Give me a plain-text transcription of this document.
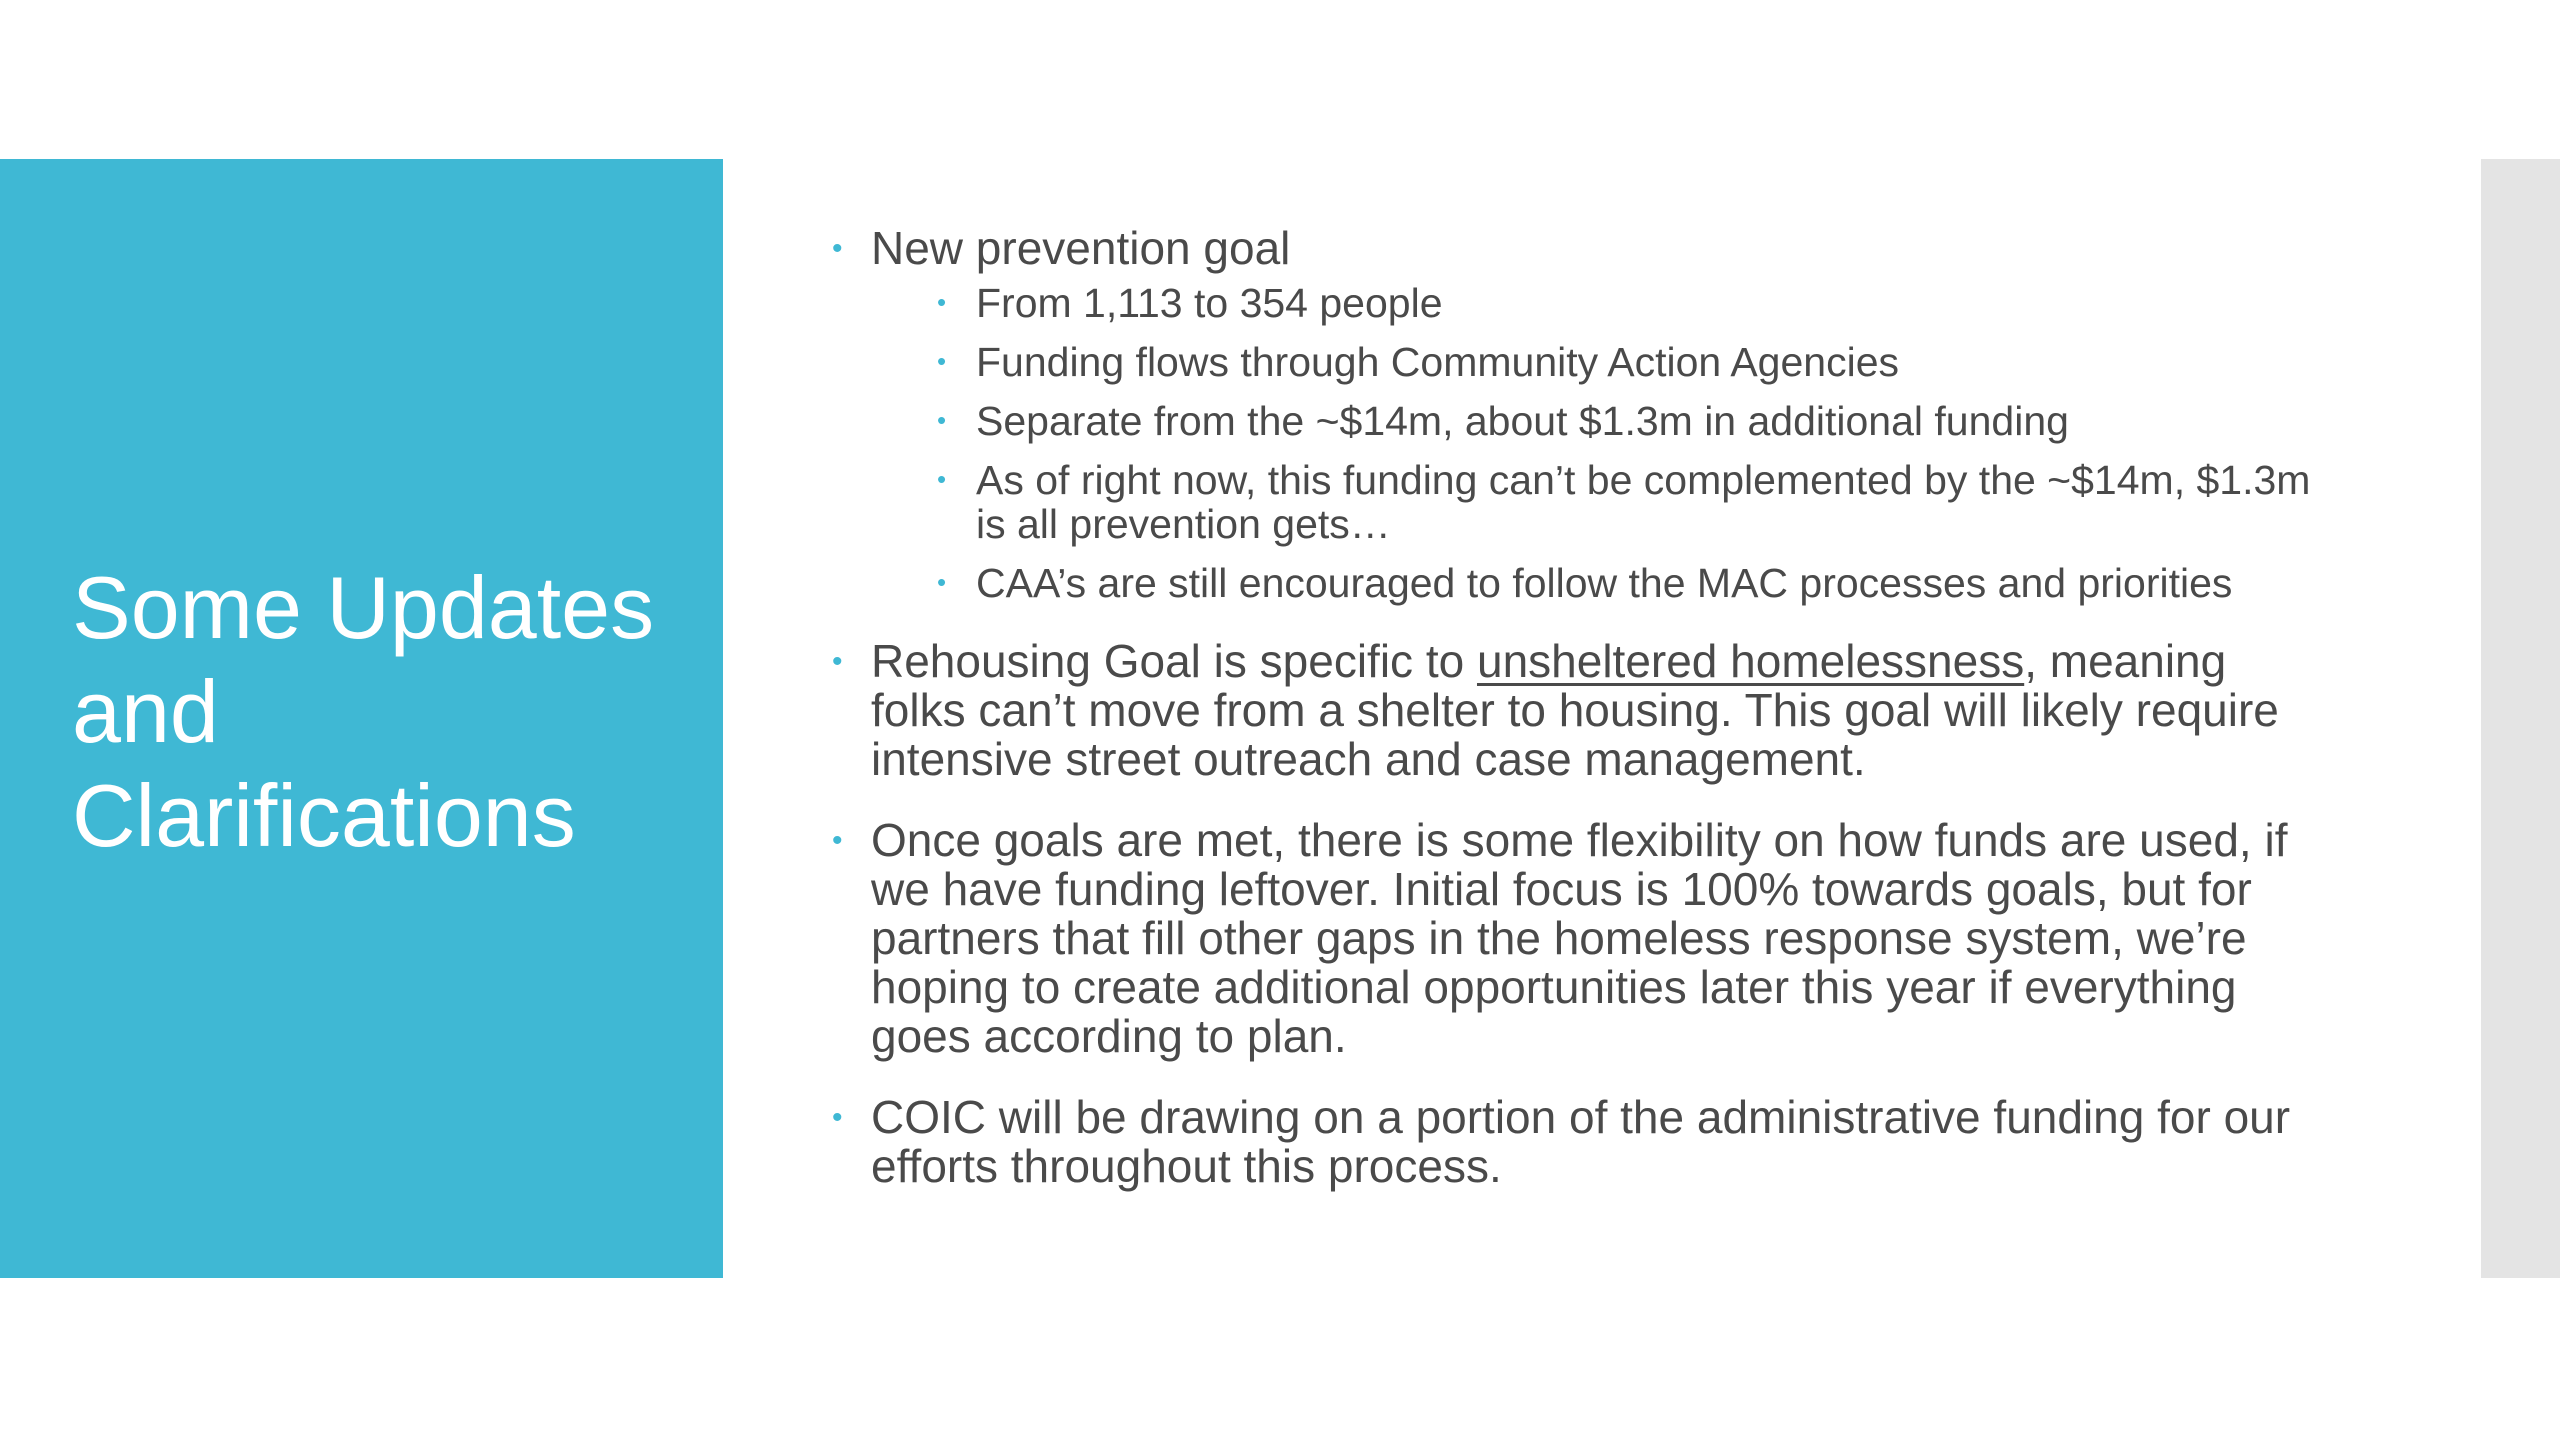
Some Updates
and
Clarifications
• New prevention goal
• From 1,113 to 354 people
• Funding flows through Community Action Agencies
• Separate from the ~$14m, about $1.3m in additional funding
• As of right now, this funding can’t be complemented by the ~$14m, $1.3m is all prevention gets…
• CAA’s are still encouraged to follow the MAC processes and priorities
• Rehousing Goal is specific to unsheltered homelessness, meaning folks can’t move from a shelter to housing. This goal will likely require intensive street outreach and case management.
• Once goals are met, there is some flexibility on how funds are used, if we have funding leftover. Initial focus is 100% towards goals, but for partners that fill other gaps in the homeless response system, we’re hoping to create additional opportunities later this year if everything goes according to plan.
• COIC will be drawing on a portion of the administrative funding for our efforts throughout this process.
